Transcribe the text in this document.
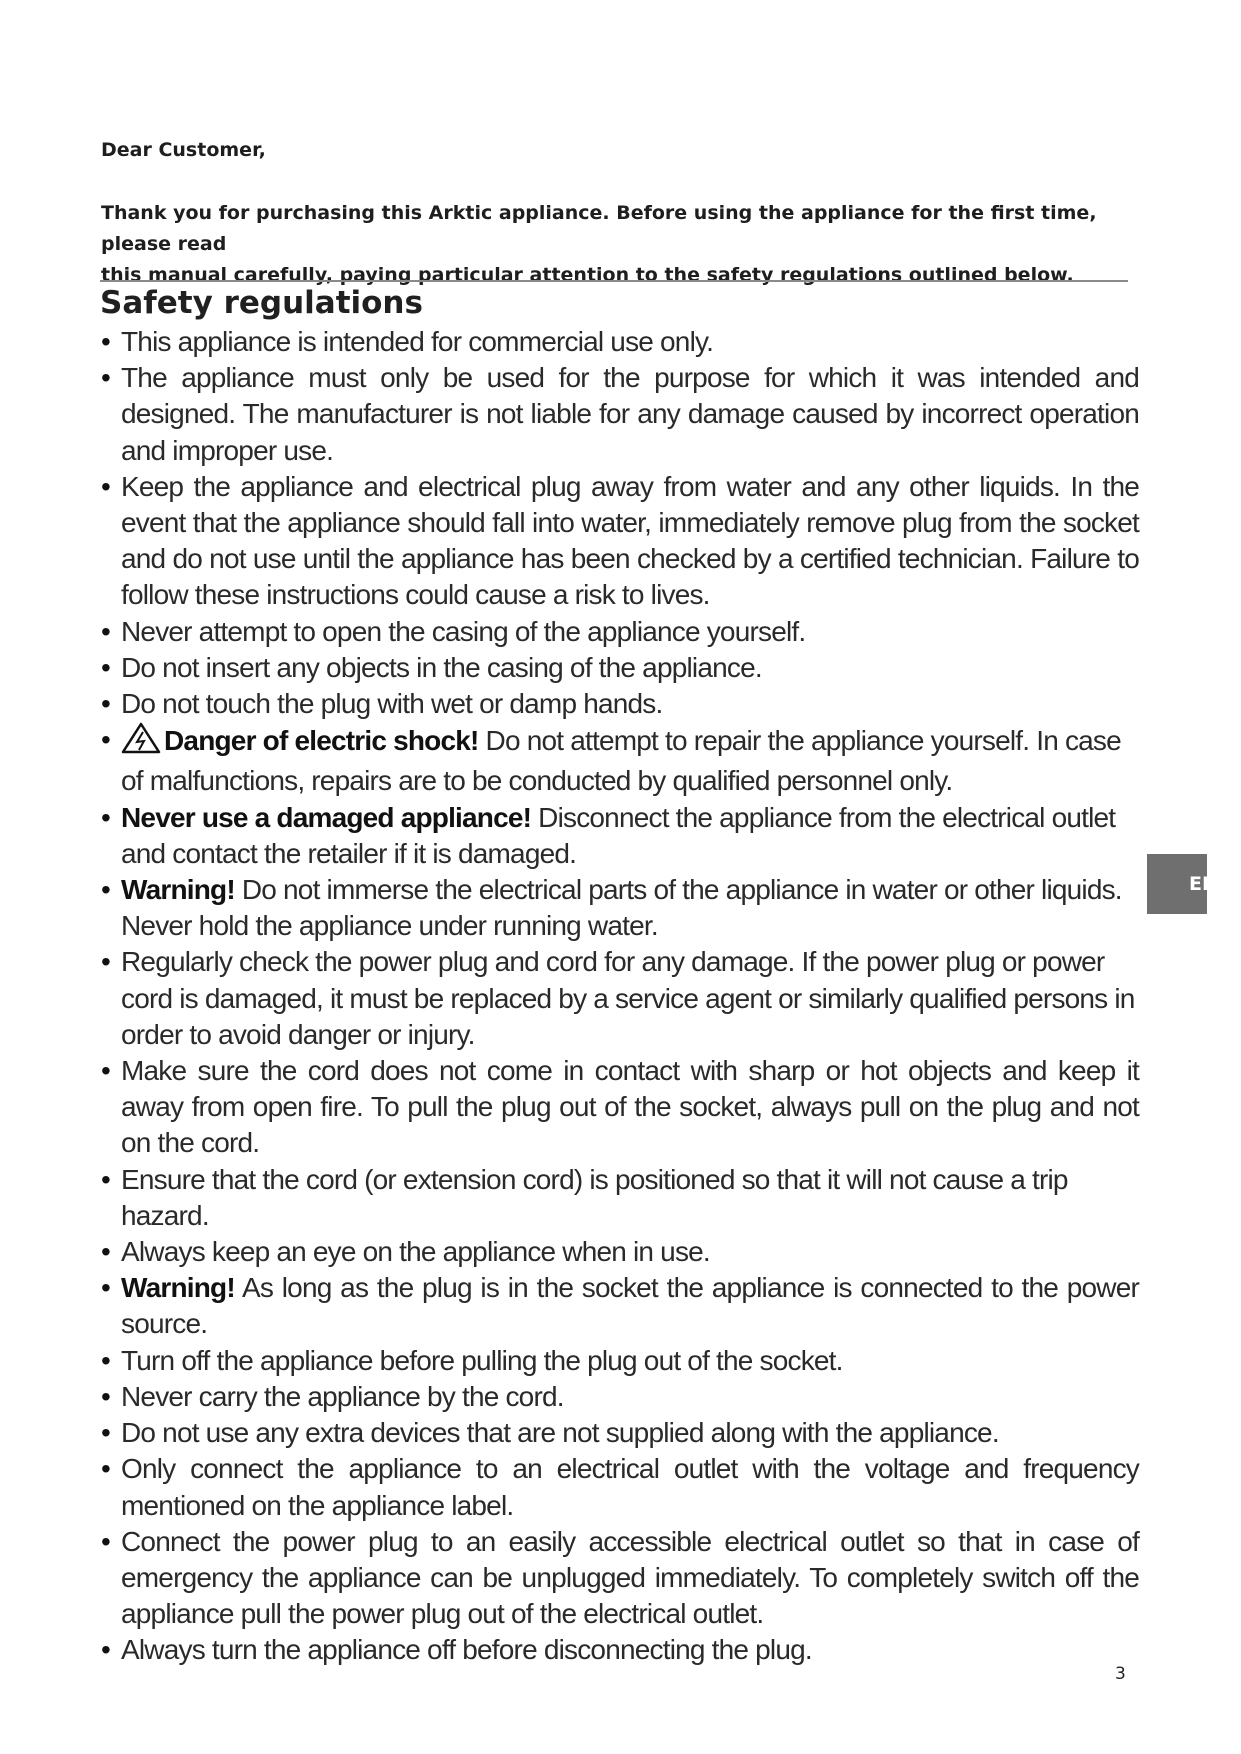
Dear Customer,

Thank you for purchasing this Arktic appliance. Before using the appliance for the first time, please read
this manual carefully, paying particular attention to the safety regulations outlined below.

Safety regulations
• This appliance is intended for commercial use only.
• The appliance must only be used for the purpose for which it was intended and designed. The manufacturer is not liable for any damage caused by incorrect operation and improper use.
• Keep the appliance and electrical plug away from water and any other liquids. In the event that the appliance should fall into water, immediately remove plug from the socket and do not use until the appliance has been checked by a certified technician. Failure to follow these instructions could cause a risk to lives.
• Never attempt to open the casing of the appliance yourself.
• Do not insert any objects in the casing of the appliance.
• Do not touch the plug with wet or damp hands.
• Danger of electric shock! Do not attempt to repair the appliance yourself. In case of malfunctions, repairs are to be conducted by qualified personnel only.
• Never use a damaged appliance! Disconnect the appliance from the electrical outlet and contact the retailer if it is damaged.
• Warning! Do not immerse the electrical parts of the appliance in water or other liquids. Never hold the appliance under running water.
• Regularly check the power plug and cord for any damage. If the power plug or power cord is damaged, it must be replaced by a service agent or similarly qualified persons in order to avoid danger or injury.
• Make sure the cord does not come in contact with sharp or hot objects and keep it away from open fire. To pull the plug out of the socket, always pull on the plug and not on the cord.
• Ensure that the cord (or extension cord) is positioned so that it will not cause a trip hazard.
• Always keep an eye on the appliance when in use.
• Warning! As long as the plug is in the socket the appliance is connected to the power source.
• Turn off the appliance before pulling the plug out of the socket.
• Never carry the appliance by the cord.
• Do not use any extra devices that are not supplied along with the appliance.
• Only connect the appliance to an electrical outlet with the voltage and frequency mentioned on the appliance label.
• Connect the power plug to an easily accessible electrical outlet so that in case of emergency the appliance can be unplugged immediately. To completely switch off the appliance pull the power plug out of the electrical outlet.
• Always turn the appliance off before disconnecting the plug.
EN
3
